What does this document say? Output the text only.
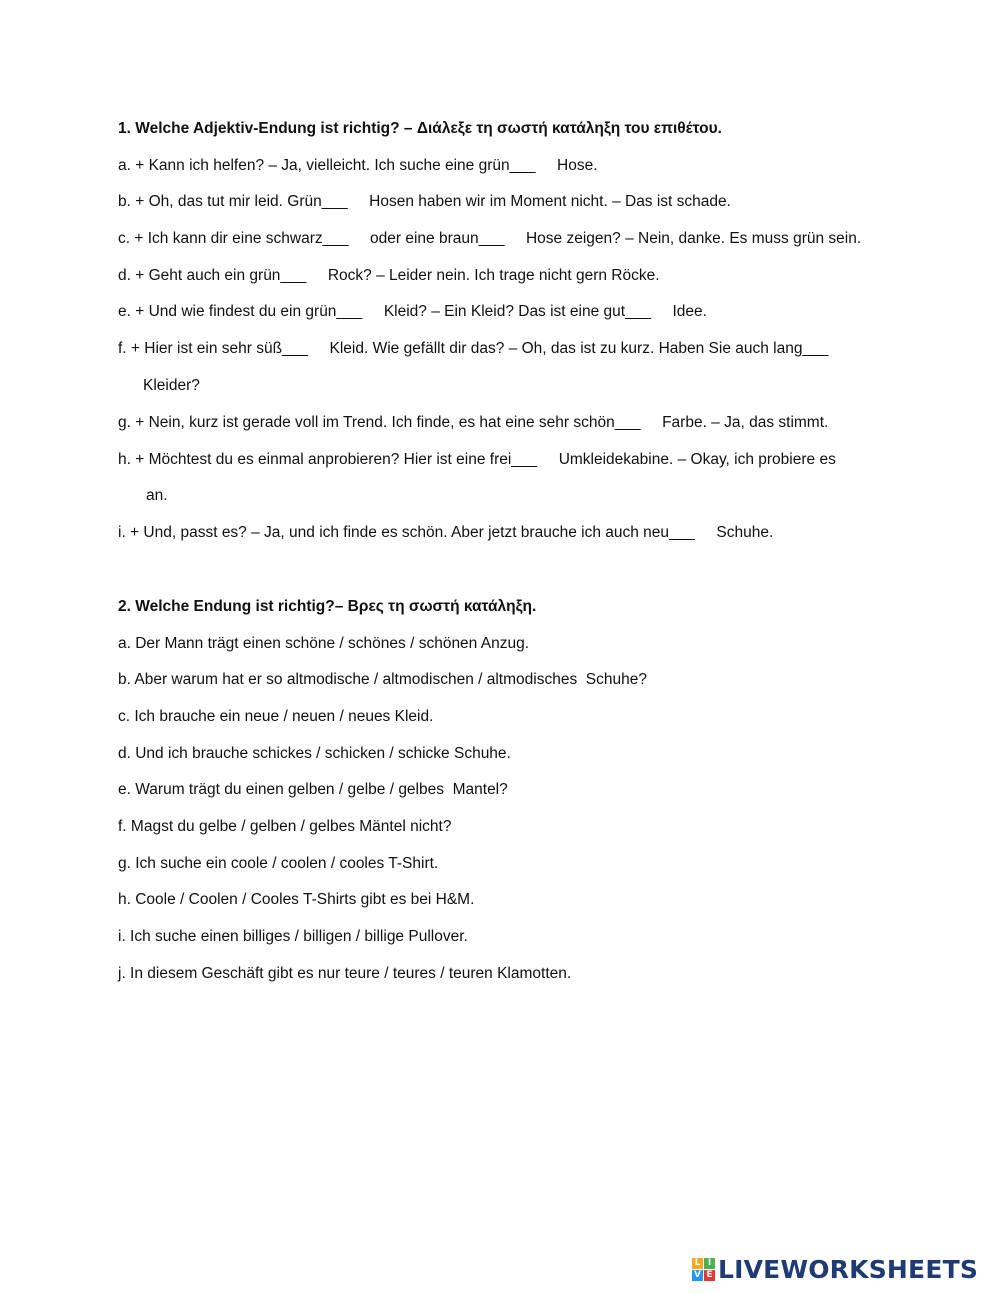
1. Welche Adjektiv-Endung ist richtig? – Διάλεξε τη σωστή κατάληξη του επιθέτου.
a. + Kann ich helfen? – Ja, vielleicht. Ich suche eine grün___     Hose.
b. + Oh, das tut mir leid. Grün___     Hosen haben wir im Moment nicht. – Das ist schade.
c. + Ich kann dir eine schwarz___     oder eine braun___     Hose zeigen? – Nein, danke. Es muss grün sein.
d. + Geht auch ein grün___     Rock? – Leider nein. Ich trage nicht gern Röcke.
e. + Und wie findest du ein grün___     Kleid? – Ein Kleid? Das ist eine gut___     Idee.
f. + Hier ist ein sehr süß___     Kleid. Wie gefällt dir das? – Oh, das ist zu kurz. Haben Sie auch lang___
Kleider?
g. + Nein, kurz ist gerade voll im Trend. Ich finde, es hat eine sehr schön___     Farbe. – Ja, das stimmt.
h. + Möchtest du es einmal anprobieren? Hier ist eine frei___     Umkleidekabine. – Okay, ich probiere es
an.
i. + Und, passt es? – Ja, und ich finde es schön. Aber jetzt brauche ich auch neu___     Schuhe.
2. Welche Endung ist richtig?– Βρες τη σωστή κατάληξη.
a. Der Mann trägt einen schöne / schönes / schönen Anzug.
b. Aber warum hat er so altmodische / altmodischen / altmodisches  Schuhe?
c. Ich brauche ein neue / neuen / neues Kleid.
d. Und ich brauche schickes / schicken / schicke Schuhe.
e. Warum trägt du einen gelben / gelbe / gelbes  Mantel?
f. Magst du gelbe / gelben / gelbes Mäntel nicht?
g. Ich suche ein coole / coolen / cooles T-Shirt.
h. Coole / Coolen / Cooles T-Shirts gibt es bei H&M.
i. Ich suche einen billiges / billigen / billige Pullover.
j. In diesem Geschäft gibt es nur teure / teures / teuren Klamotten.
L I
V E LIVEWORKSHEETS
